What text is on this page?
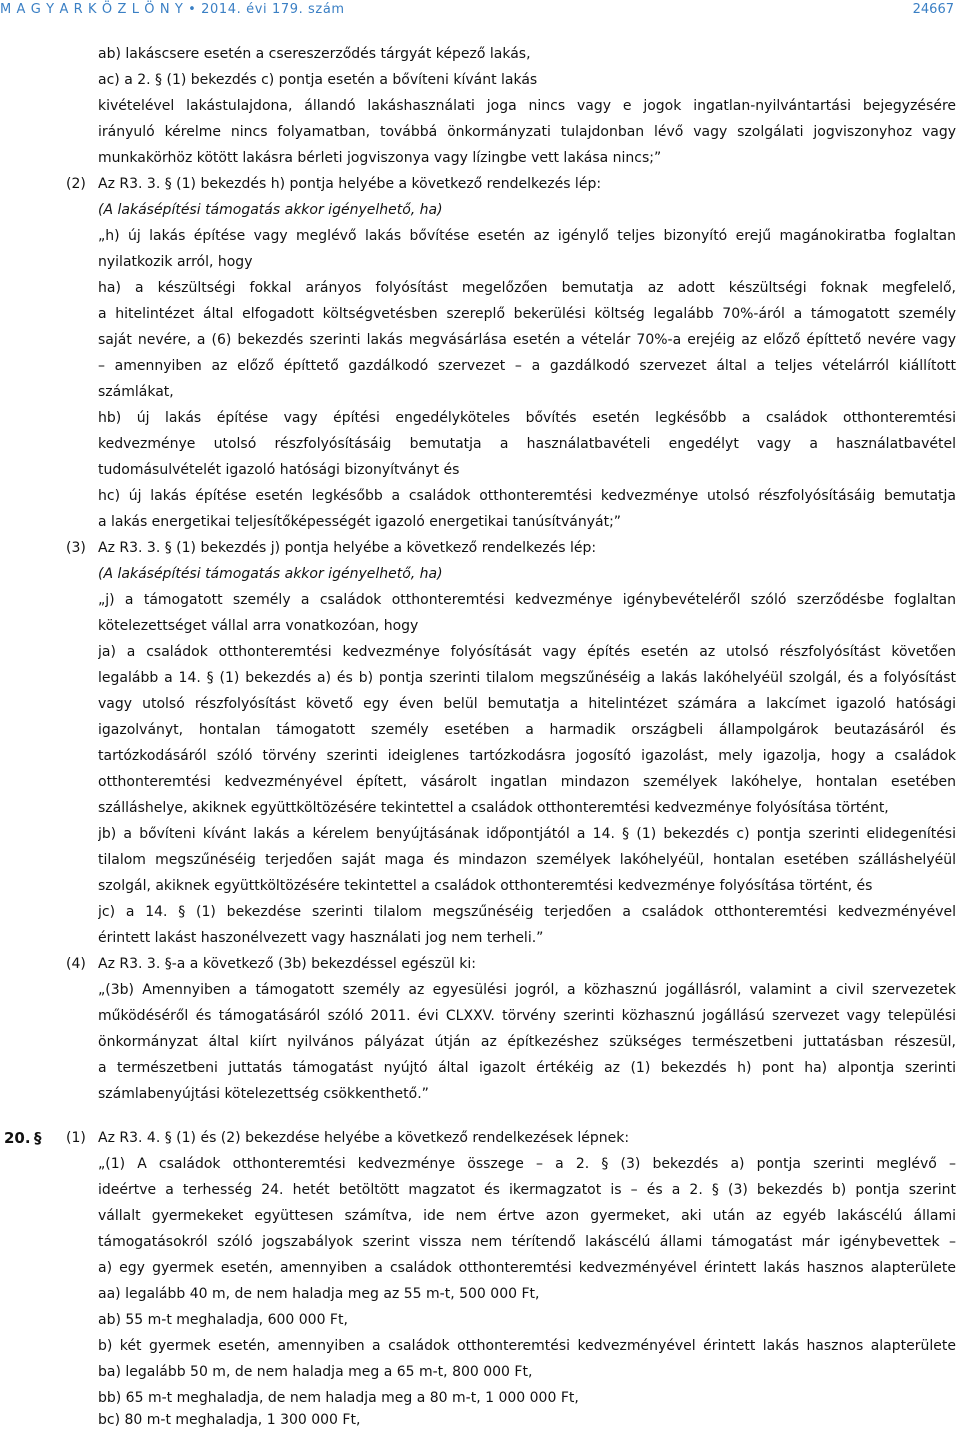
M A G Y A R K Ö Z L Ö N Y • 2014. évi 179. szám	24667

ab) lakáscsere esetén a csereszerződés tárgyát képező lakás,

ac) a 2. § (1) bekezdés c) pontja esetén a bővíteni kívánt lakás

kivételével lakástulajdona, állandó lakáshasználati joga nincs vagy e jogok ingatlan-nyilvántartási bejegyzésére

irányuló kérelme nincs folyamatban, továbbá önkormányzati tulajdonban lévő vagy szolgálati jogviszonyhoz vagy

munkakörhöz kötött lakásra bérleti jogviszonya vagy lízingbe vett lakása nincs;”

(2) Az R3. 3. § (1) bekezdés h) pontja helyébe a következő rendelkezés lép:

(A lakásépítési támogatás akkor igényelhető, ha)

„h) új lakás építése vagy meglévő lakás bővítése esetén az igénylő teljes bizonyító erejű magánokiratba foglaltan

nyilatkozik arról, hogy

ha) a készültségi fokkal arányos folyósítást megelőzően bemutatja az adott készültségi foknak megfelelő,

a hitelintézet által elfogadott költségvetésben szereplő bekerülési költség legalább 70%-áról a támogatott személy

saját nevére, a (6) bekezdés szerinti lakás megvásárlása esetén a vételár 70%-a erejéig az előző építtető nevére vagy

– amennyiben az előző építtető gazdálkodó szervezet – a gazdálkodó szervezet által a teljes vételárról kiállított

számlákat,

hb) új lakás építése vagy építési engedélyköteles bővítés esetén legkésőbb a családok otthonteremtési

kedvezménye utolsó részfolyósításáig bemutatja a használatbavételi engedélyt vagy a használatbavétel

tudomásulvételét igazoló hatósági bizonyítványt és

hc) új lakás építése esetén legkésőbb a családok otthonteremtési kedvezménye utolsó részfolyósításáig bemutatja

a lakás energetikai teljesítőképességét igazoló energetikai tanúsítványát;”

(3) Az R3. 3. § (1) bekezdés j) pontja helyébe a következő rendelkezés lép:

(A lakásépítési támogatás akkor igényelhető, ha)

„j) a támogatott személy a családok otthonteremtési kedvezménye igénybevételéről szóló szerződésbe foglaltan

kötelezettséget vállal arra vonatkozóan, hogy

ja) a családok otthonteremtési kedvezménye folyósítását vagy építés esetén az utolsó részfolyósítást követően

legalább a 14. § (1) bekezdés a) és b) pontja szerinti tilalom megszűnéséig a lakás lakóhelyéül szolgál, és a folyósítást

vagy utolsó részfolyósítást követő egy éven belül bemutatja a hitelintézet számára a lakcímet igazoló hatósági

igazolványt, hontalan támogatott személy esetében a harmadik országbeli állampolgárok beutazásáról és

tartózkodásáról szóló törvény szerinti ideiglenes tartózkodásra jogosító igazolást, mely igazolja, hogy a családok

otthonteremtési kedvezményével épített, vásárolt ingatlan mindazon személyek lakóhelye, hontalan esetében

szálláshelye, akiknek együttköltözésére tekintettel a családok otthonteremtési kedvezménye folyósítása történt,

jb) a bővíteni kívánt lakás a kérelem benyújtásának időpontjától a 14. § (1) bekezdés c) pontja szerinti elidegenítési

tilalom megszűnéséig terjedően saját maga és mindazon személyek lakóhelyéül, hontalan esetében szálláshelyéül

szolgál, akiknek együttköltözésére tekintettel a családok otthonteremtési kedvezménye folyósítása történt, és

jc) a 14. § (1) bekezdése szerinti tilalom megszűnéséig terjedően a családok otthonteremtési kedvezményével

érintett lakást haszonélvezett vagy használati jog nem terheli.”

(4) Az R3. 3. §-a a következő (3b) bekezdéssel egészül ki:

„(3b) Amennyiben a támogatott személy az egyesülési jogról, a közhasznú jogállásról, valamint a civil szervezetek

működéséről és támogatásáról szóló 2011. évi CLXXV. törvény szerinti közhasznú jogállású szervezet vagy települési

önkormányzat által kiírt nyilvános pályázat útján az építkezéshez szükséges természetbeni juttatásban részesül,

a természetbeni juttatás támogatást nyújtó által igazolt értékéig az (1) bekezdés h) pont ha) alpontja szerinti

számlabenyújtási kötelezettség csökkenthető.”

20. § (1) Az R3. 4. § (1) és (2) bekezdése helyébe a következő rendelkezések lépnek:

„(1) A családok otthonteremtési kedvezménye összege – a 2. § (3) bekezdés a) pontja szerinti meglévő –

ideértve a terhesség 24. hetét betöltött magzatot és ikermagzatot is – és a 2. § (3) bekezdés b) pontja szerint

vállalt gyermekeket együttesen számítva, ide nem értve azon gyermeket, aki után az egyéb lakáscélú állami

támogatásokról szóló jogszabályok szerint vissza nem térítendő lakáscélú állami támogatást már igénybevettek –

a) egy gyermek esetén, amennyiben a családok otthonteremtési kedvezményével érintett lakás hasznos alapterülete

aa) legalább 40 m, de nem haladja meg az 55 m-t, 500 000 Ft,

ab) 55 m-t meghaladja, 600 000 Ft,

b) két gyermek esetén, amennyiben a családok otthonteremtési kedvezményével érintett lakás hasznos alapterülete

ba) legalább 50 m, de nem haladja meg a 65 m-t, 800 000 Ft,

bb) 65 m-t meghaladja, de nem haladja meg a 80 m-t, 1 000 000 Ft,

bc) 80 m-t meghaladja, 1 300 000 Ft,
